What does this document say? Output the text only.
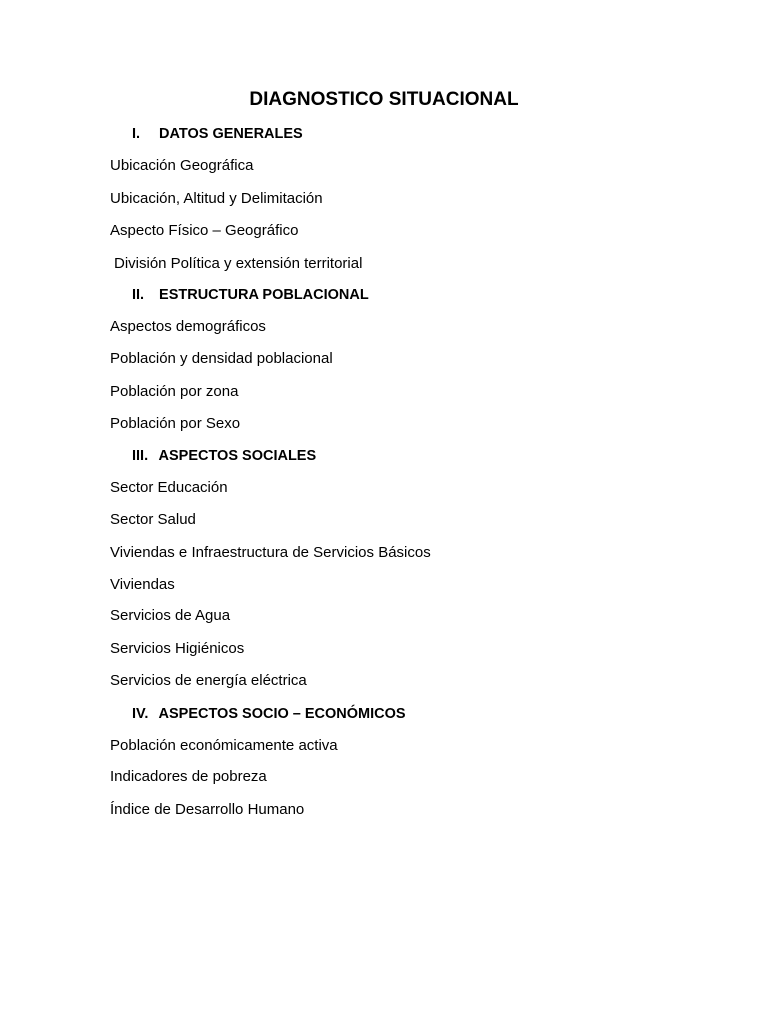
DIAGNOSTICO SITUACIONAL
I. DATOS GENERALES
Ubicación Geográfica
Ubicación, Altitud y Delimitación
Aspecto Físico – Geográfico
División Política y extensión territorial
II. ESTRUCTURA POBLACIONAL
Aspectos demográficos
Población y densidad poblacional
Población por zona
Población por Sexo
III. ASPECTOS SOCIALES
Sector Educación
Sector Salud
Viviendas e Infraestructura de Servicios Básicos
Viviendas
Servicios de Agua
Servicios Higiénicos
Servicios de energía eléctrica
IV. ASPECTOS SOCIO – ECONÓMICOS
Población económicamente activa
Indicadores de pobreza
Índice de Desarrollo Humano
